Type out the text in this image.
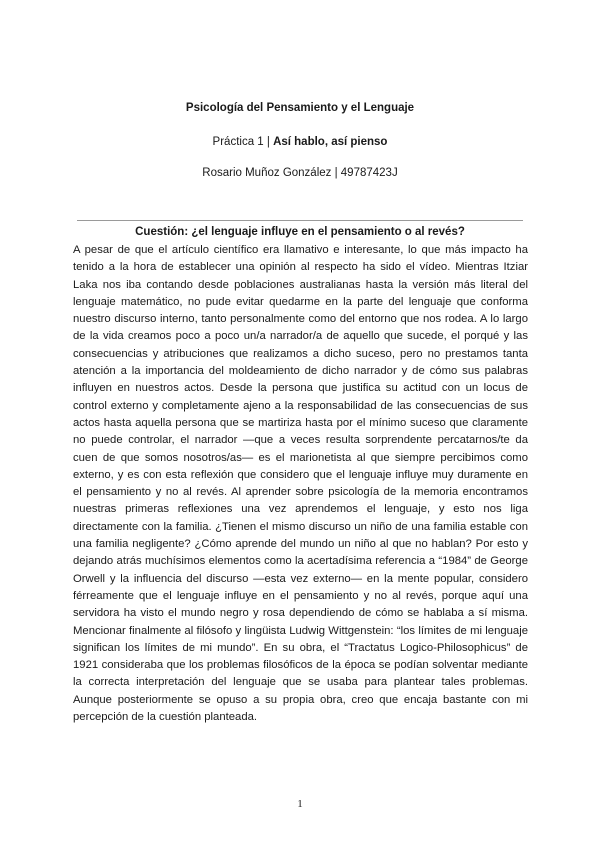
Psicología del Pensamiento y el Lenguaje
Práctica 1 | Así hablo, así pienso
Rosario Muñoz González | 49787423J
Cuestión: ¿el lenguaje influye en el pensamiento o al revés?
A pesar de que el artículo científico era llamativo e interesante, lo que más impacto ha tenido a la hora de establecer una opinión al respecto ha sido el vídeo. Mientras Itziar Laka nos iba contando desde poblaciones australianas hasta la versión más literal del lenguaje matemático, no pude evitar quedarme en la parte del lenguaje que conforma nuestro discurso interno, tanto personalmente como del entorno que nos rodea. A lo largo de la vida creamos poco a poco un/a narrador/a de aquello que sucede, el porqué y las consecuencias y atribuciones que realizamos a dicho suceso, pero no prestamos tanta atención a la importancia del moldeamiento de dicho narrador y de cómo sus palabras influyen en nuestros actos. Desde la persona que justifica su actitud con un locus de control externo y completamente ajeno a la responsabilidad de las consecuencias de sus actos hasta aquella persona que se martiriza hasta por el mínimo suceso que claramente no puede controlar, el narrador —que a veces resulta sorprendente percatarnos/te da cuen de que somos nosotros/as— es el marionetista al que siempre percibimos como externo, y es con esta reflexión que considero que el lenguaje influye muy duramente en el pensamiento y no al revés. Al aprender sobre psicología de la memoria encontramos nuestras primeras reflexiones una vez aprendemos el lenguaje, y esto nos liga directamente con la familia. ¿Tienen el mismo discurso un niño de una familia estable con una familia negligente? ¿Cómo aprende del mundo un niño al que no hablan? Por esto y dejando atrás muchísimos elementos como la acertadísima referencia a “1984” de George Orwell y la influencia del discurso —esta vez externo— en la mente popular, considero férreamente que el lenguaje influye en el pensamiento y no al revés, porque aquí una servidora ha visto el mundo negro y rosa dependiendo de cómo se hablaba a sí misma. Mencionar finalmente al filósofo y lingüista Ludwig Wittgenstein: “los límites de mi lenguaje significan los límites de mi mundo”. En su obra, el “Tractatus Logico-Philosophicus” de 1921 consideraba que los problemas filosóficos de la época se podían solventar mediante la correcta interpretación del lenguaje que se usaba para plantear tales problemas. Aunque posteriormente se opuso a su propia obra, creo que encaja bastante con mi percepción de la cuestión planteada.
1
